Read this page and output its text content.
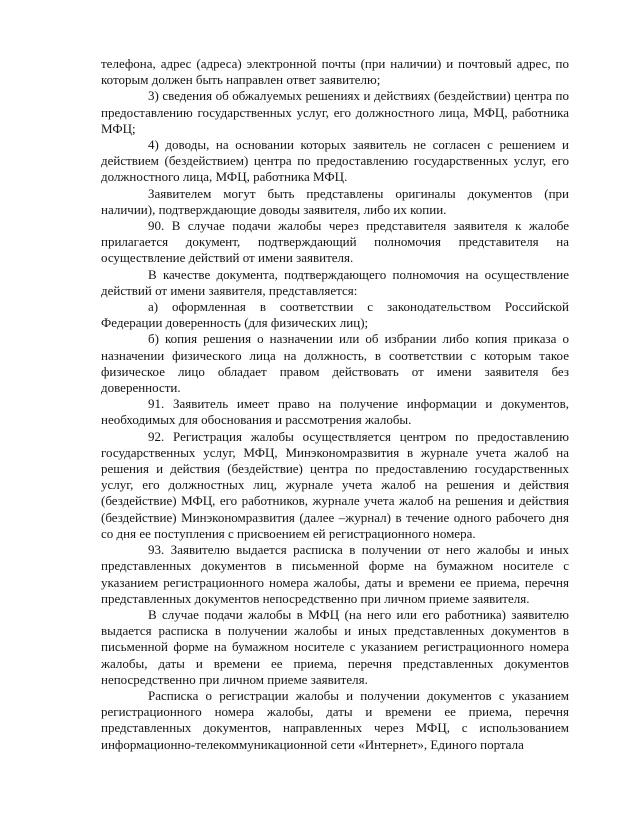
телефона, адрес (адреса) электронной почты (при наличии) и почтовый адрес, по которым должен быть направлен ответ заявителю;

3) сведения об обжалуемых решениях и действиях (бездействии) центра по предоставлению государственных услуг, его должностного лица, МФЦ, работника МФЦ;

4) доводы, на основании которых заявитель не согласен с решением и действием (бездействием) центра по предоставлению государственных услуг, его должностного лица, МФЦ, работника МФЦ.

Заявителем могут быть представлены оригиналы документов (при наличии), подтверждающие доводы заявителя, либо их копии.

90. В случае подачи жалобы через представителя заявителя к жалобе прилагается документ, подтверждающий полномочия представителя на осуществление действий от имени заявителя.

В качестве документа, подтверждающего полномочия на осуществление действий от имени заявителя, представляется:

а) оформленная в соответствии с законодательством Российской Федерации доверенность (для физических лиц);

б) копия решения о назначении или об избрании либо копия приказа о назначении физического лица на должность, в соответствии с которым такое физическое лицо обладает правом действовать от имени заявителя без доверенности.

91. Заявитель имеет право на получение информации и документов, необходимых для обоснования и рассмотрения жалобы.

92. Регистрация жалобы осуществляется центром по предоставлению государственных услуг, МФЦ, Минэкономразвития в журнале учета жалоб на решения и действия (бездействие) центра по предоставлению государственных услуг, его должностных лиц, журнале учета жалоб на решения и действия (бездействие) МФЦ, его работников, журнале учета жалоб на решения и действия (бездействие) Минэкономразвития (далее –журнал) в течение одного рабочего дня со дня ее поступления с присвоением ей регистрационного номера.

93. Заявителю выдается расписка в получении от него жалобы и иных представленных документов в письменной форме на бумажном носителе с указанием регистрационного номера жалобы, даты и времени ее приема, перечня представленных документов непосредственно при личном приеме заявителя.

В случае подачи жалобы в МФЦ (на него или его работника) заявителю выдается расписка в получении жалобы и иных представленных документов в письменной форме на бумажном носителе с указанием регистрационного номера жалобы, даты и времени ее приема, перечня представленных документов непосредственно при личном приеме заявителя.

Расписка о регистрации жалобы и получении документов с указанием регистрационного номера жалобы, даты и времени ее приема, перечня представленных документов, направленных через МФЦ, с использованием информационно-телекоммуникационной сети «Интернет», Единого портала
